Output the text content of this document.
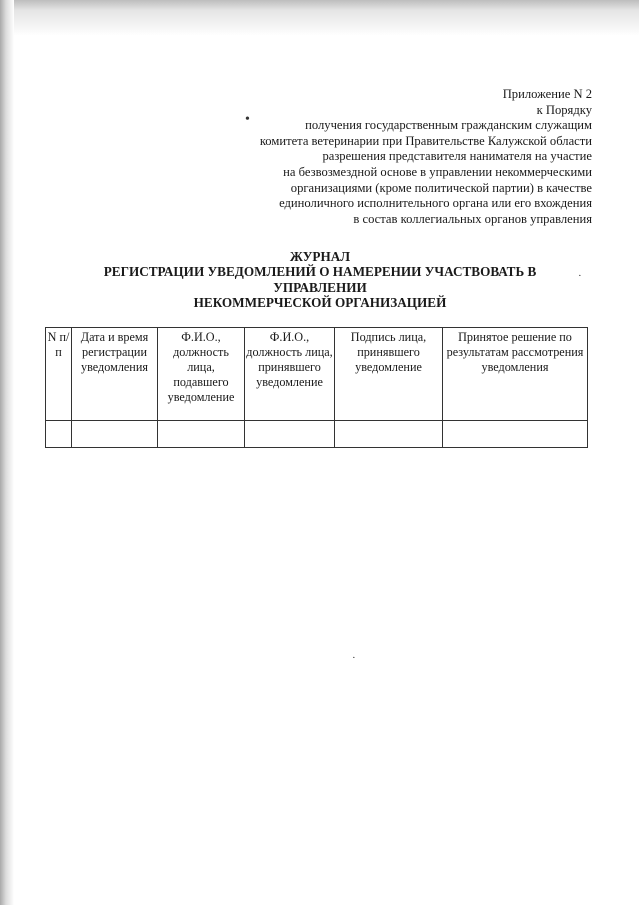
•
·
·
Приложение N 2
к Порядку
получения государственным гражданским служащим
комитета ветеринарии при Правительстве Калужской области
разрешения представителя нанимателя на участие
на безвозмездной основе в управлении некоммерческими
организациями (кроме политической партии) в качестве
единоличного исполнительного органа или его вхождения
в состав коллегиальных органов управления
ЖУРНАЛ
РЕГИСТРАЦИИ УВЕДОМЛЕНИЙ О НАМЕРЕНИИ УЧАСТВОВАТЬ В
УПРАВЛЕНИИ
НЕКОММЕРЧЕСКОЙ ОРГАНИЗАЦИЕЙ
N п/п	Дата и время регистрации уведомления	Ф.И.О., должность лица, подавшего уведомление	Ф.И.О., должность лица, принявшего уведомление	Подпись лица, принявшего уведомление	Принятое решение по результатам рассмотрения уведомления
